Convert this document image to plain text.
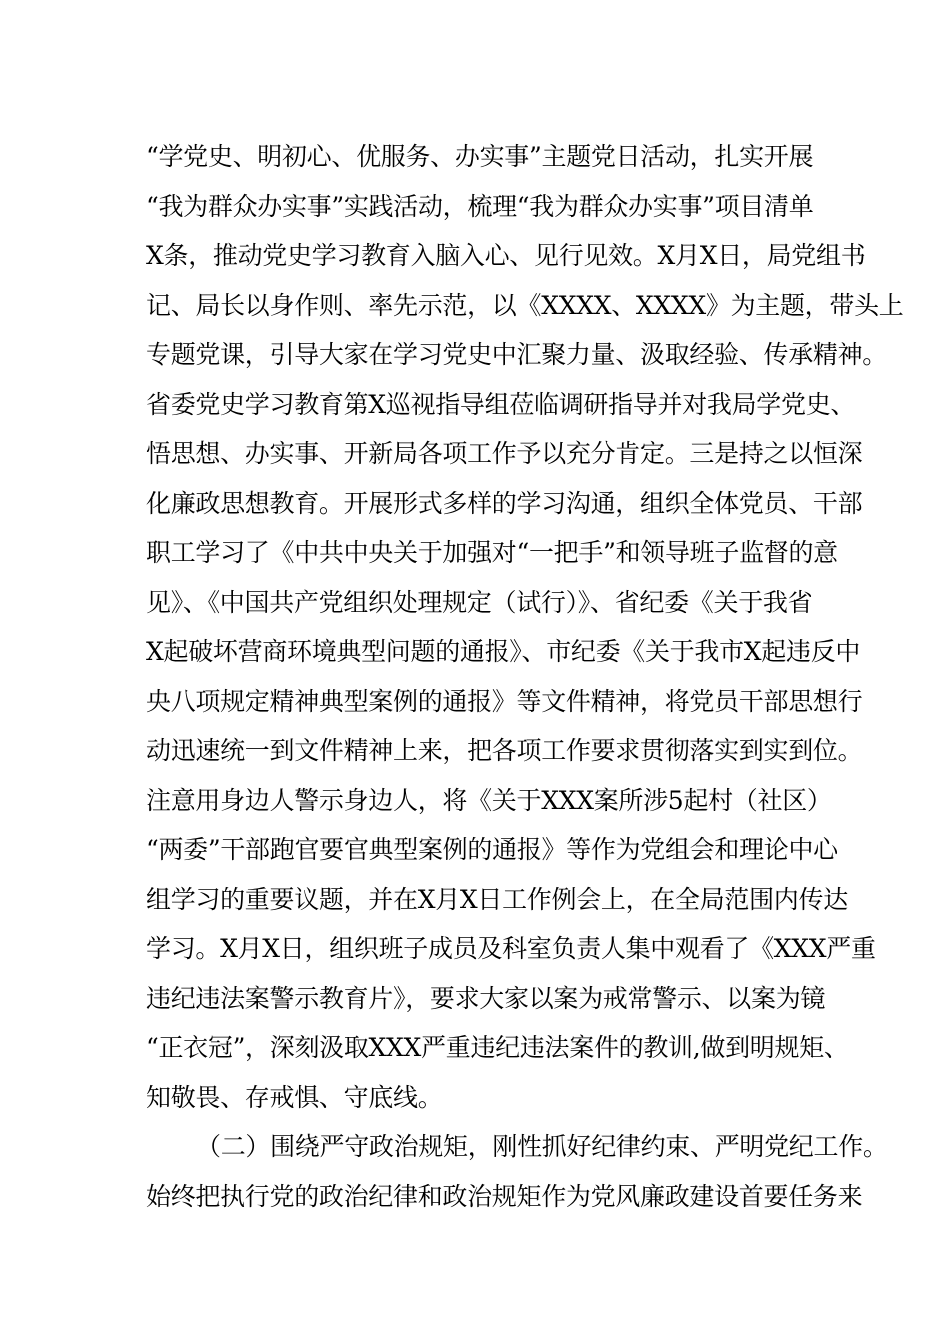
“学党史、明初心、优服务、办实事”主题党日活动，扎实开展
“我为群众办实事”实践活动，梳理“我为群众办实事”项目清单
X条，推动党史学习教育入脑入心、见行见效。X月X日，局党组书
记、局长以身作则、率先示范，以《XXXX、XXXX》为主题，带头上
专题党课，引导大家在学习党史中汇聚力量、汲取经验、传承精神。
省委党史学习教育第X巡视指导组莅临调研指导并对我局学党史、
悟思想、办实事、开新局各项工作予以充分肯定。三是持之以恒深
化廉政思想教育。开展形式多样的学习沟通，组织全体党员、干部
职工学习了《中共中央关于加强对“一把手”和领导班子监督的意
见》、《中国共产党组织处理规定（试行）》、省纪委《关于我省
X起破坏营商环境典型问题的通报》、市纪委《关于我市X起违反中
央八项规定精神典型案例的通报》等文件精神，将党员干部思想行
动迅速统一到文件精神上来，把各项工作要求贯彻落实到实到位。
注意用身边人警示身边人，将《关于XXX案所涉5起村（社区）
“两委”干部跑官要官典型案例的通报》等作为党组会和理论中心
组学习的重要议题，并在X月X日工作例会上，在全局范围内传达
学习。X月X日，组织班子成员及科室负责人集中观看了《XXX严重
违纪违法案警示教育片》，要求大家以案为戒常警示、以案为镜
“正衣冠”，深刻汲取XXX严重违纪违法案件的教训,做到明规矩、
知敬畏、存戒惧、守底线。
（二）围绕严守政治规矩，刚性抓好纪律约束、严明党纪工作。
始终把执行党的政治纪律和政治规矩作为党风廉政建设首要任务来
